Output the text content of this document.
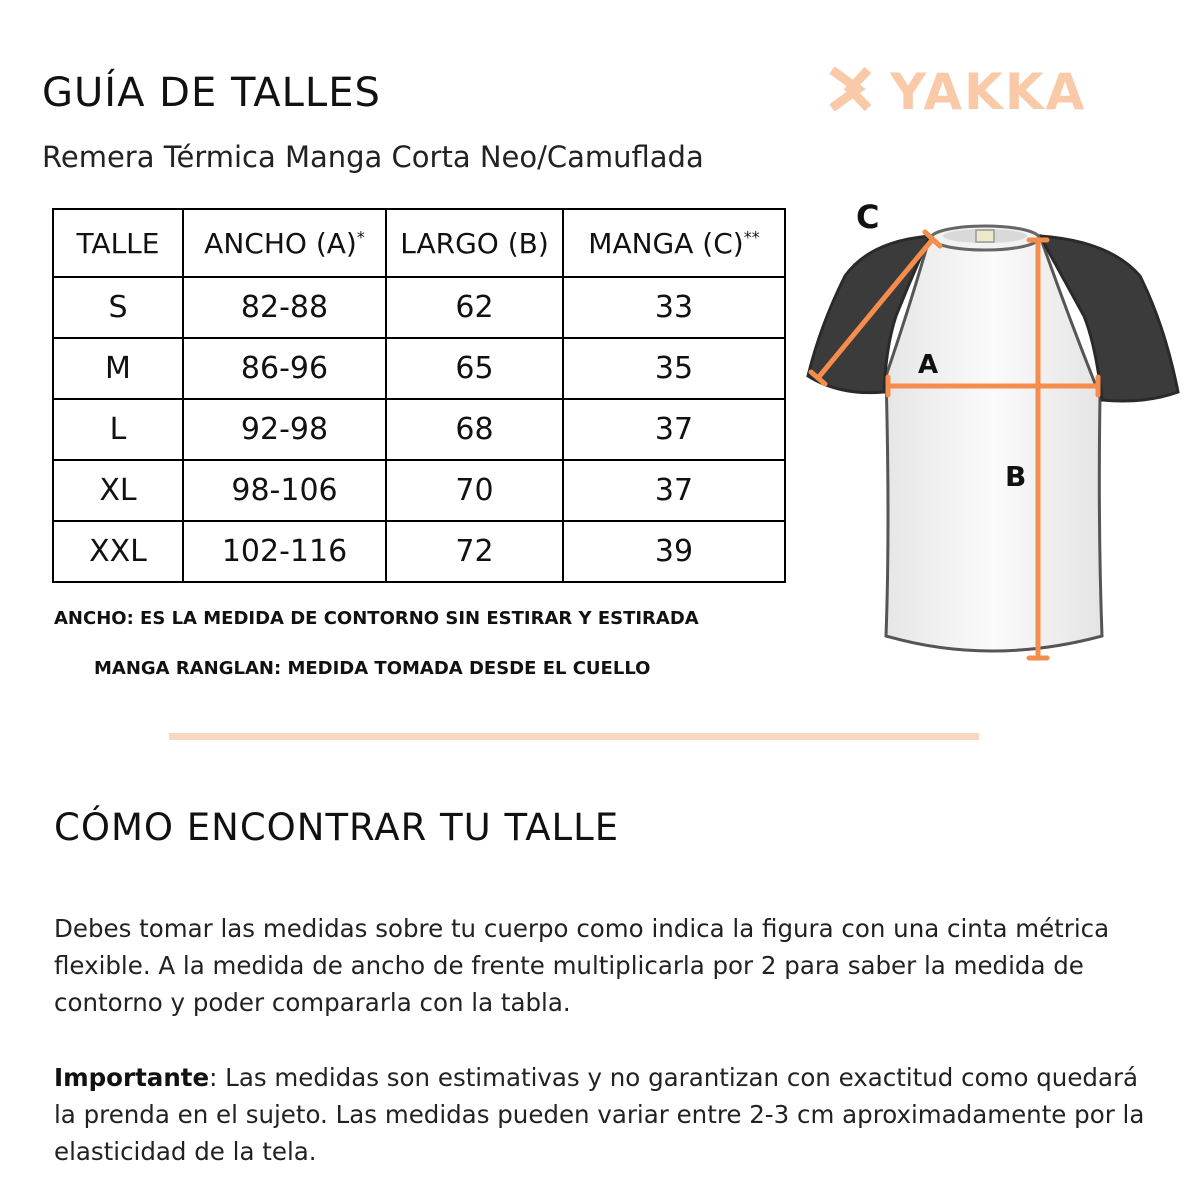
GUÍA DE TALLES

Remera Térmica Manga Corta Neo/Camuflada

YAKKA
TALLE	ANCHO (A)*	LARGO (B)	MANGA (C)**
S	82-88	62	33
M	86-96	65	35
L	92-98	68	37
XL	98-106	70	37
XXL	102-116	72	39

ANCHO: ES LA MEDIDA DE CONTORNO SIN ESTIRAR Y ESTIRADA

MANGA RANGLAN: MEDIDA TOMADA DESDE EL CUELLO

C

A

B

CÓMO ENCONTRAR TU TALLE

Debes tomar las medidas sobre tu cuerpo como indica la figura con una cinta métrica flexible. A la medida de ancho de frente multiplicarla por 2 para saber la medida de contorno y poder compararla con la tabla.

Importante: Las medidas son estimativas y no garantizan con exactitud como quedará la prenda en el sujeto. Las medidas pueden variar entre 2-3 cm aproximadamente por la elasticidad de la tela.
